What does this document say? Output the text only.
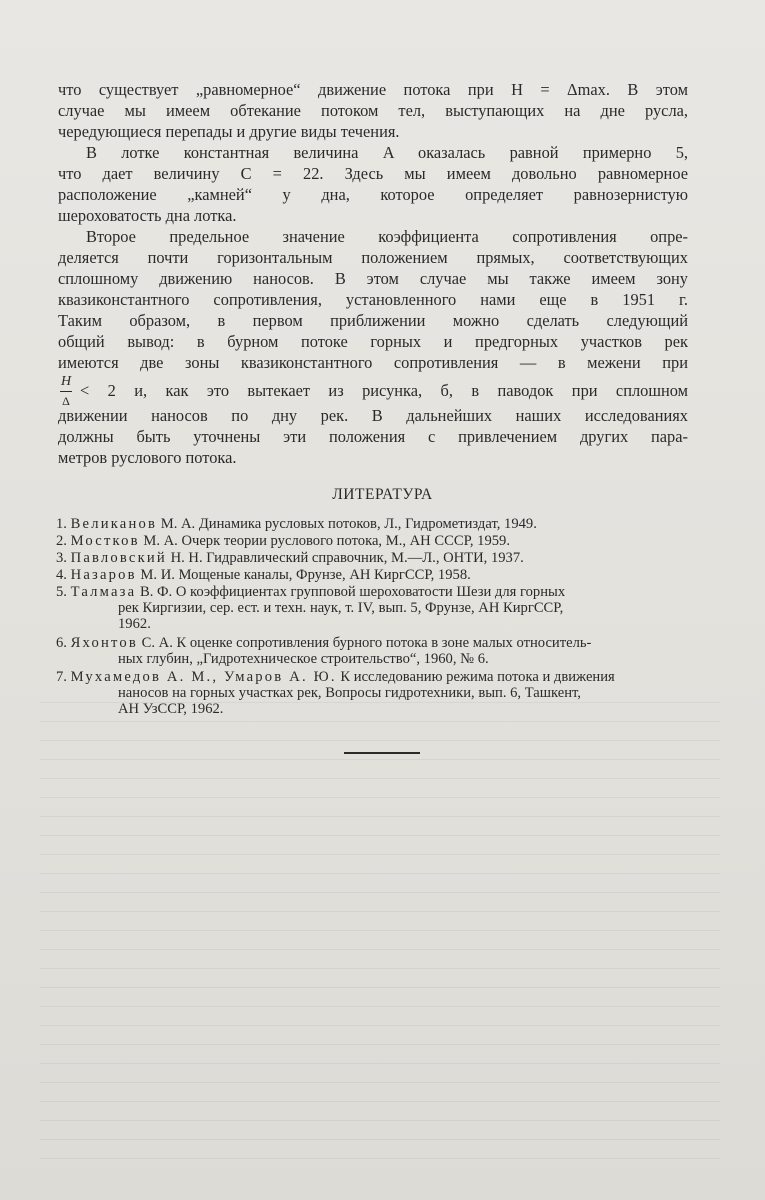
что существует „равномерное“ движение потока при H = Δmax. В этом
случае мы имеем обтекание потоком тел, выступающих на дне русла,
чередующиеся перепады и другие виды течения.
В лотке константная величина A оказалась равной примерно 5,
что дает величину C = 22. Здесь мы имеем довольно равномерное
расположение „камней“ у дна, которое определяет равнозернистую
шероховатость дна лотка.
Второе предельное значение коэффициента сопротивления опре-
деляется почти горизонтальным положением прямых, соответствующих
сплошному движению наносов. В этом случае мы также имеем зону
квазиконстантного сопротивления, установленного нами еще в 1951 г.
Таким образом, в первом приближении можно сделать следующий
общий вывод: в бурном потоке горных и предгорных участков рек
имеются две зоны квазиконстантного сопротивления — в межени при
H
Δ
< 2 и, как это вытекает из рисунка, б, в паводок при сплошном
движении наносов по дну рек. В дальнейших наших исследованиях
должны быть уточнены эти положения с привлечением других пара-
метров руслового потока.
ЛИТЕРАТУРА
1. Великанов М. А. Динамика русловых потоков, Л., Гидрометиздат, 1949.
2. Мостков М. А. Очерк теории руслового потока, М., АН СССР, 1959.
3. Павловский Н. Н. Гидравлический справочник, М.—Л., ОНТИ, 1937.
4. Назаров М. И. Мощеные каналы, Фрунзе, АН КиргССР, 1958.
5. Талмаза В. Ф. О коэффициентах групповой шероховатости Шези для горных
рек Киргизии, сер. ест. и техн. наук, т. IV, вып. 5, Фрунзе, АН КиргССР,
1962.
6. Яхонтов С. А. К оценке сопротивления бурного потока в зоне малых относитель-
ных глубин, „Гидротехническое строительство“, 1960, № 6.
7. Мухамедов А. М., Умаров А. Ю. К исследованию режима потока и движения
наносов на горных участках рек, Вопросы гидротехники, вып. 6, Ташкент,
АН УзССР, 1962.
